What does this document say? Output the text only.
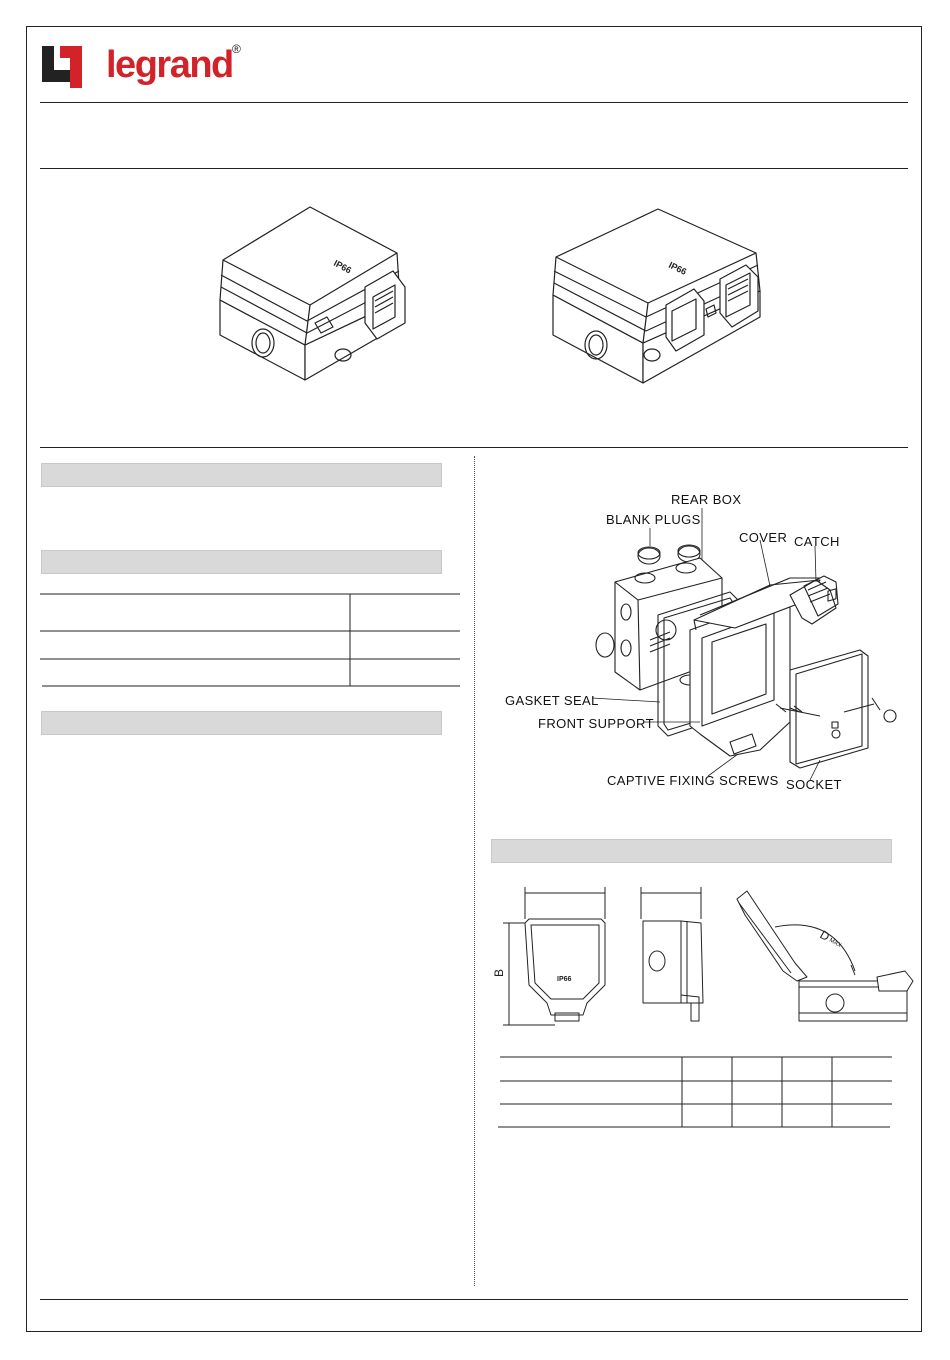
legrand ®
IP66	IP66
REAR BOX
BLANK PLUGS
COVER CATCH
GASKET SEAL
FRONT SUPPORT
CAPTIVE FIXING SCREWS SOCKET
B
IP66
D
MAX
